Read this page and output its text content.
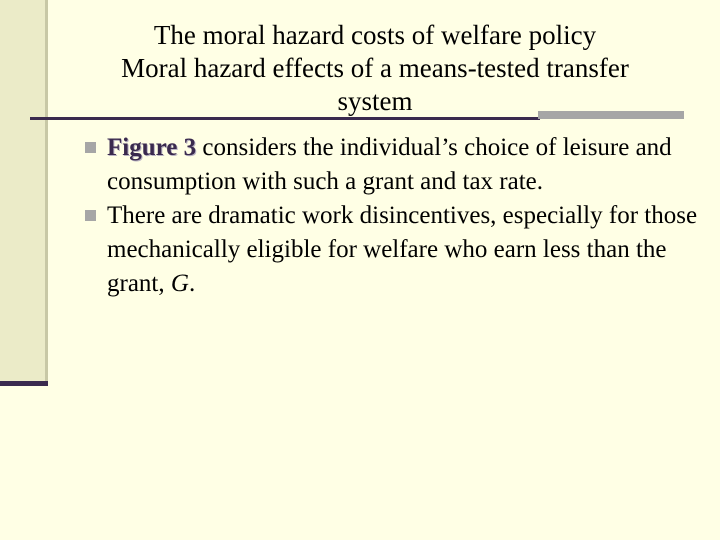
The moral hazard costs of welfare policy
Moral hazard effects of a means-tested transfer system
Figure 3 considers the individual’s choice of leisure and consumption with such a grant and tax rate.
There are dramatic work disincentives, especially for those mechanically eligible for welfare who earn less than the grant, G.
